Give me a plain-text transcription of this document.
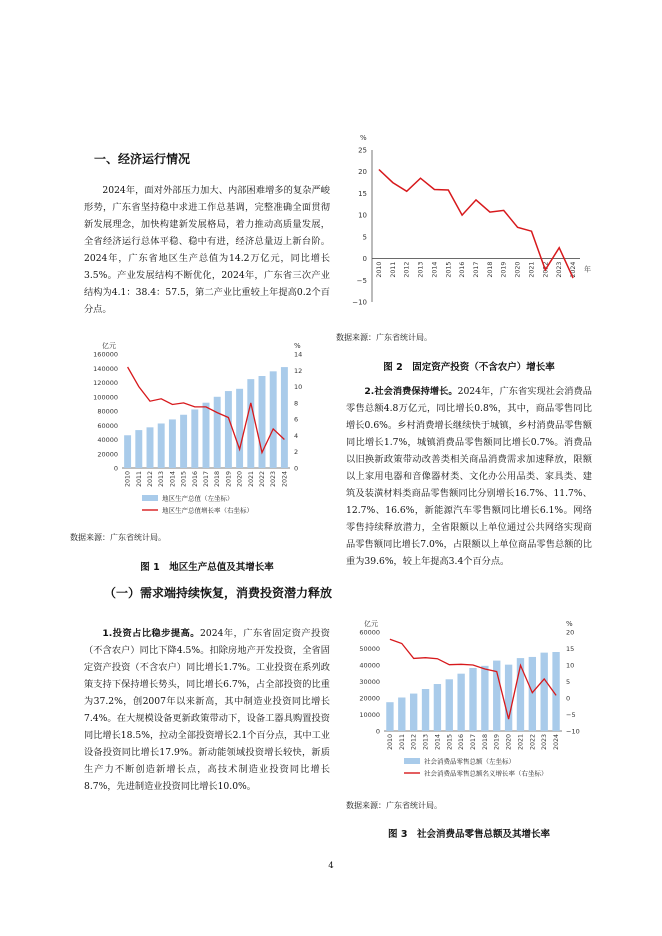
一、经济运行情况

2024年，面对外部压力加大、内部困难增多的复杂严峻形势，广东省坚持稳中求进工作总基调，完整准确全面贯彻新发展理念，加快构建新发展格局，着力推动高质量发展，全省经济运行总体平稳、稳中有进，经济总量迈上新台阶。2024年，广东省地区生产总值为14.2万亿元，同比增长3.5%。产业发展结构不断优化，2024年，广东省三次产业结构为4.1：38.4：57.5，第二产业比重较上年提高0.2个百分点。

亿元	%
0
20000
40000
60000
80000
100000
120000
140000
160000
0
2
4
6
8
10
12
14
2010 2011 2012 2013 2014 2015 2016 2017 2018 2019 2020 2021 2022 2023 2024
地区生产总值（左坐标）
地区生产总值增长率（右坐标）

数据来源：广东省统计局。

图 1　地区生产总值及其增长率

（一）需求端持续恢复，消费投资潜力释放

1.投资占比稳步提高。2024年，广东省固定资产投资（不含农户）同比下降4.5%。扣除房地产开发投资，全省固定资产投资（不含农户）同比增长1.7%。工业投资在系列政策支持下保持增长势头，同比增长6.7%，占全部投资的比重为37.2%，创2007年以来新高，其中制造业投资同比增长7.4%。在大规模设备更新政策带动下，设备工器具购置投资同比增长18.5%，拉动全部投资增长2.1个百分点，其中工业设备投资同比增长17.9%。新动能领域投资增长较快，新质生产力不断创造新增长点，高技术制造业投资同比增长8.7%，先进制造业投资同比增长10.0%。

%
−10
−5
0
5
10
15
20
25
2010 2011 2012 2013 2014 2015 2016 2017 2018 2019 2020 2021 2022 2023 2024 年

数据来源：广东省统计局。

图 2　固定资产投资（不含农户）增长率

2.社会消费保持增长。2024年，广东省实现社会消费品零售总额4.8万亿元，同比增长0.8%，其中，商品零售同比增长0.6%。乡村消费增长继续快于城镇，乡村消费品零售额同比增长1.7%，城镇消费品零售额同比增长0.7%。消费品以旧换新政策带动改善类相关商品消费需求加速释放，限额以上家用电器和音像器材类、文化办公用品类、家具类、建筑及装潢材料类商品零售额同比分别增长16.7%、11.7%、12.7%、16.6%，新能源汽车零售额同比增长6.1%。网络零售持续释放潜力，全省限额以上单位通过公共网络实现商品零售额同比增长7.0%，占限额以上单位商品零售总额的比重为39.6%，较上年提高3.4个百分点。

亿元	%
0
10000
20000
30000
40000
50000
60000
−10
−5
0
5
10
15
20
2010 2011 2012 2013 2014 2015 2016 2017 2018 2019 2020 2021 2022 2023 2024
社会消费品零售总额（左坐标）
社会消费品零售总额名义增长率（右坐标）

数据来源：广东省统计局。

图 3　社会消费品零售总额及其增长率

4
